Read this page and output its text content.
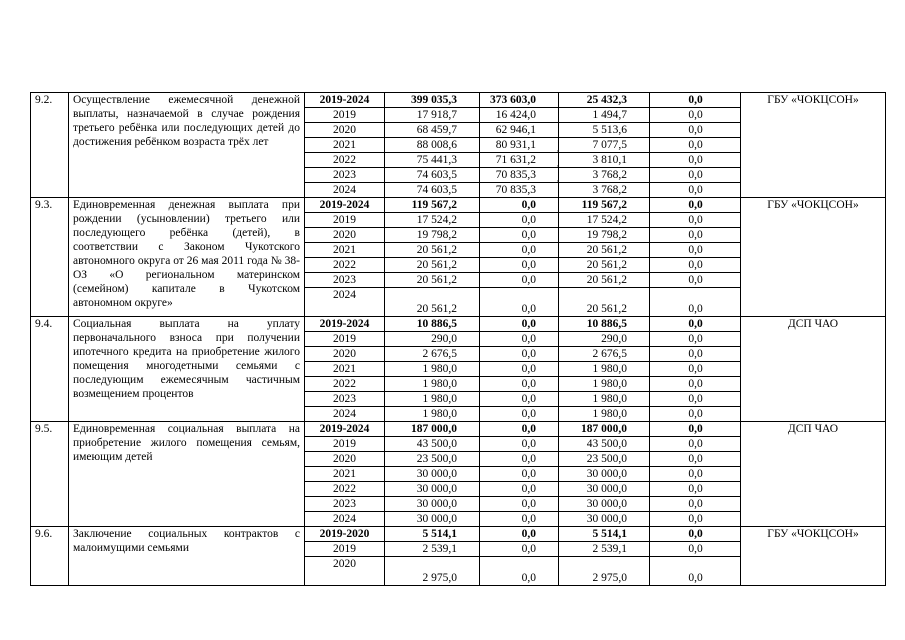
9.2.	Осуществление ежемесячной денежной выплаты, назначаемой в случае рождения третьего ребёнка или последующих детей до достижения ребёнком возраста трёх лет	2019-2024	399 035,3	373 603,0	25 432,3	0,0	ГБУ «ЧОКЦСОН»
		2019	17 918,7	16 424,0	1 494,7	0,0	
		2020	68 459,7	62 946,1	5 513,6	0,0	
		2021	88 008,6	80 931,1	7 077,5	0,0	
		2022	75 441,3	71 631,2	3 810,1	0,0	
		2023	74 603,5	70 835,3	3 768,2	0,0	
		2024	74 603,5	70 835,3	3 768,2	0,0	
9.3.	Единовременная денежная выплата при рождении (усыновлении) третьего или последующего ребёнка (детей), в соответствии с Законом Чукотского автономного округа от 26 мая 2011 года № 38-ОЗ «О региональном материнском (семейном) капитале в Чукотском автономном округе»	2019-2024	119 567,2	0,0	119 567,2	0,0	ГБУ «ЧОКЦСОН»
		2019	17 524,2	0,0	17 524,2	0,0	
		2020	19 798,2	0,0	19 798,2	0,0	
		2021	20 561,2	0,0	20 561,2	0,0	
		2022	20 561,2	0,0	20 561,2	0,0	
		2023	20 561,2	0,0	20 561,2	0,0	
		2024	20 561,2	0,0	20 561,2	0,0	
9.4.	Социальная выплата на уплату первоначального взноса при получении ипотечного кредита на приобретение жилого помещения многодетными семьями с последующим ежемесячным частичным возмещением процентов	2019-2024	10 886,5	0,0	10 886,5	0,0	ДСП ЧАО
		2019	290,0	0,0	290,0	0,0	
		2020	2 676,5	0,0	2 676,5	0,0	
		2021	1 980,0	0,0	1 980,0	0,0	
		2022	1 980,0	0,0	1 980,0	0,0	
		2023	1 980,0	0,0	1 980,0	0,0	
		2024	1 980,0	0,0	1 980,0	0,0	
9.5.	Единовременная социальная выплата на приобретение жилого помещения семьям, имеющим детей	2019-2024	187 000,0	0,0	187 000,0	0,0	ДСП ЧАО
		2019	43 500,0	0,0	43 500,0	0,0	
		2020	23 500,0	0,0	23 500,0	0,0	
		2021	30 000,0	0,0	30 000,0	0,0	
		2022	30 000,0	0,0	30 000,0	0,0	
		2023	30 000,0	0,0	30 000,0	0,0	
		2024	30 000,0	0,0	30 000,0	0,0	
9.6.	Заключение социальных контрактов с малоимущими семьями	2019-2020	5 514,1	0,0	5 514,1	0,0	ГБУ «ЧОКЦСОН»
		2019	2 539,1	0,0	2 539,1	0,0	
		2020	2 975,0	0,0	2 975,0	0,0	
·
·
·
